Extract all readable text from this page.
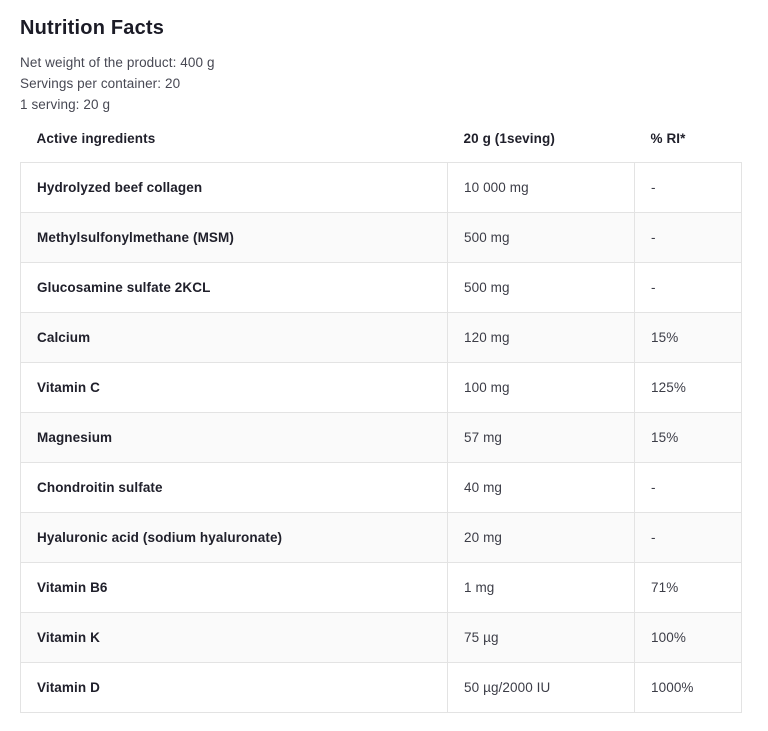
Nutrition Facts
Net weight of the product: 400 g
Servings per container: 20
1 serving: 20 g
Active ingredients	20 g (1seving)	% RI*
Hydrolyzed beef collagen	10 000 mg	-
Methylsulfonylmethane (MSM)	500 mg	-
Glucosamine sulfate 2KCL	500 mg	-
Calcium	120 mg	15%
Vitamin C	100 mg	125%
Magnesium	57 mg	15%
Chondroitin sulfate	40 mg	-
Hyaluronic acid (sodium hyaluronate)	20 mg	-
Vitamin B6	1 mg	71%
Vitamin K	75 µg	100%
Vitamin D	50 µg/2000 IU	1000%
